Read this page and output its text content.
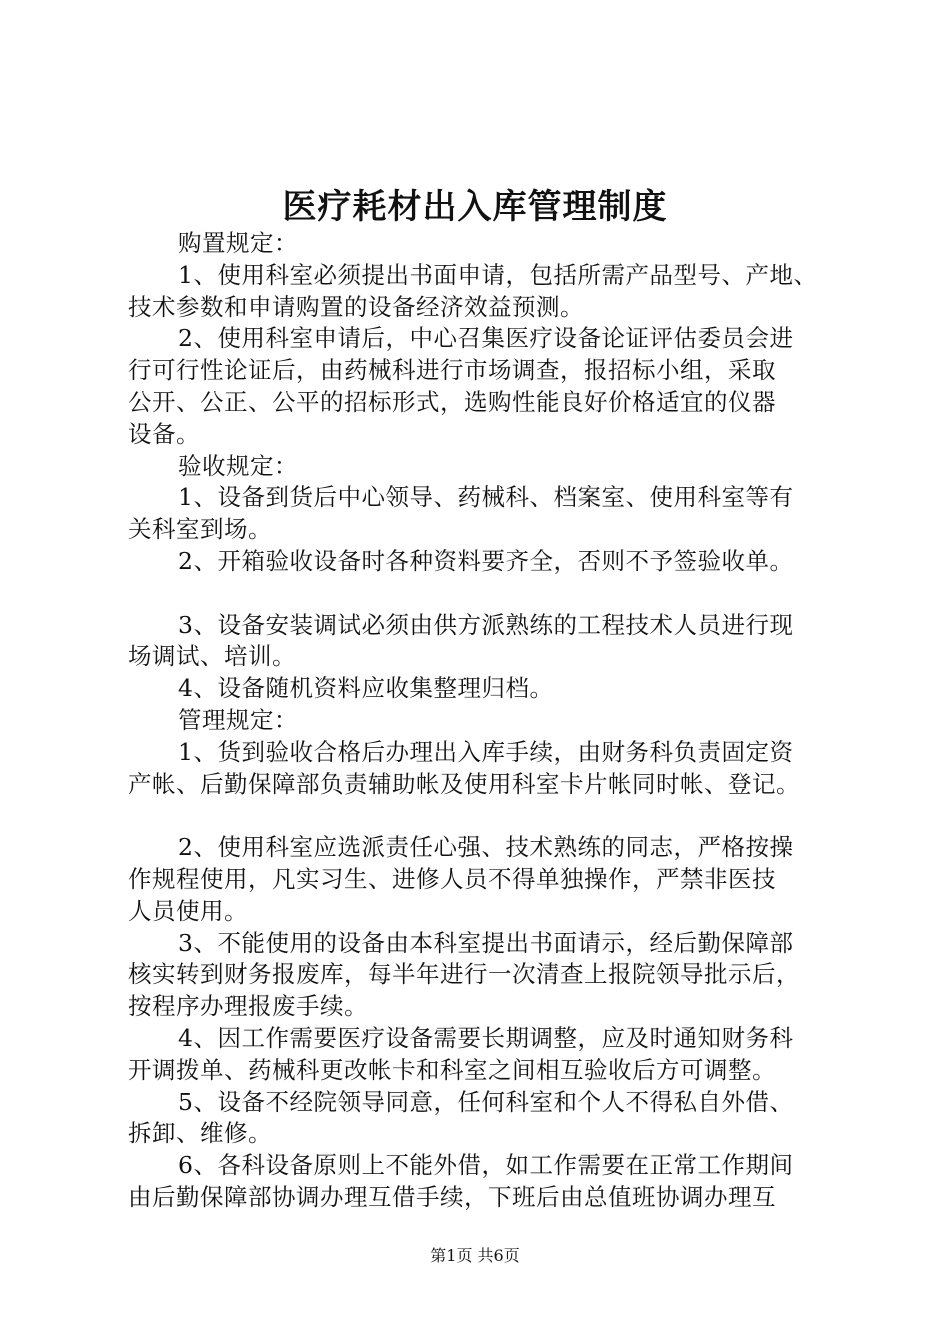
医疗耗材出入库管理制度
购置规定：
1、使用科室必须提出书面申请，包括所需产品型号、产地、
技术参数和申请购置的设备经济效益预测。
2、使用科室申请后，中心召集医疗设备论证评估委员会进
行可行性论证后，由药械科进行市场调查，报招标小组，采取
公开、公正、公平的招标形式，选购性能良好价格适宜的仪器
设备。
验收规定：
1、设备到货后中心领导、药械科、档案室、使用科室等有
关科室到场。
2、开箱验收设备时各种资料要齐全，否则不予签验收单。
3、设备安装调试必须由供方派熟练的工程技术人员进行现
场调试、培训。
4、设备随机资料应收集整理归档。
管理规定：
1、货到验收合格后办理出入库手续，由财务科负责固定资
产帐、后勤保障部负责辅助帐及使用科室卡片帐同时帐、登记。
2、使用科室应选派责任心强、技术熟练的同志，严格按操
作规程使用，凡实习生、进修人员不得单独操作，严禁非医技
人员使用。
3、不能使用的设备由本科室提出书面请示，经后勤保障部
核实转到财务报废库，每半年进行一次清查上报院领导批示后，
按程序办理报废手续。
4、因工作需要医疗设备需要长期调整，应及时通知财务科
开调拨单、药械科更改帐卡和科室之间相互验收后方可调整。
5、设备不经院领导同意，任何科室和个人不得私自外借、
拆卸、维修。
6、各科设备原则上不能外借，如工作需要在正常工作期间
由后勤保障部协调办理互借手续，下班后由总值班协调办理互
第1页 共6页
